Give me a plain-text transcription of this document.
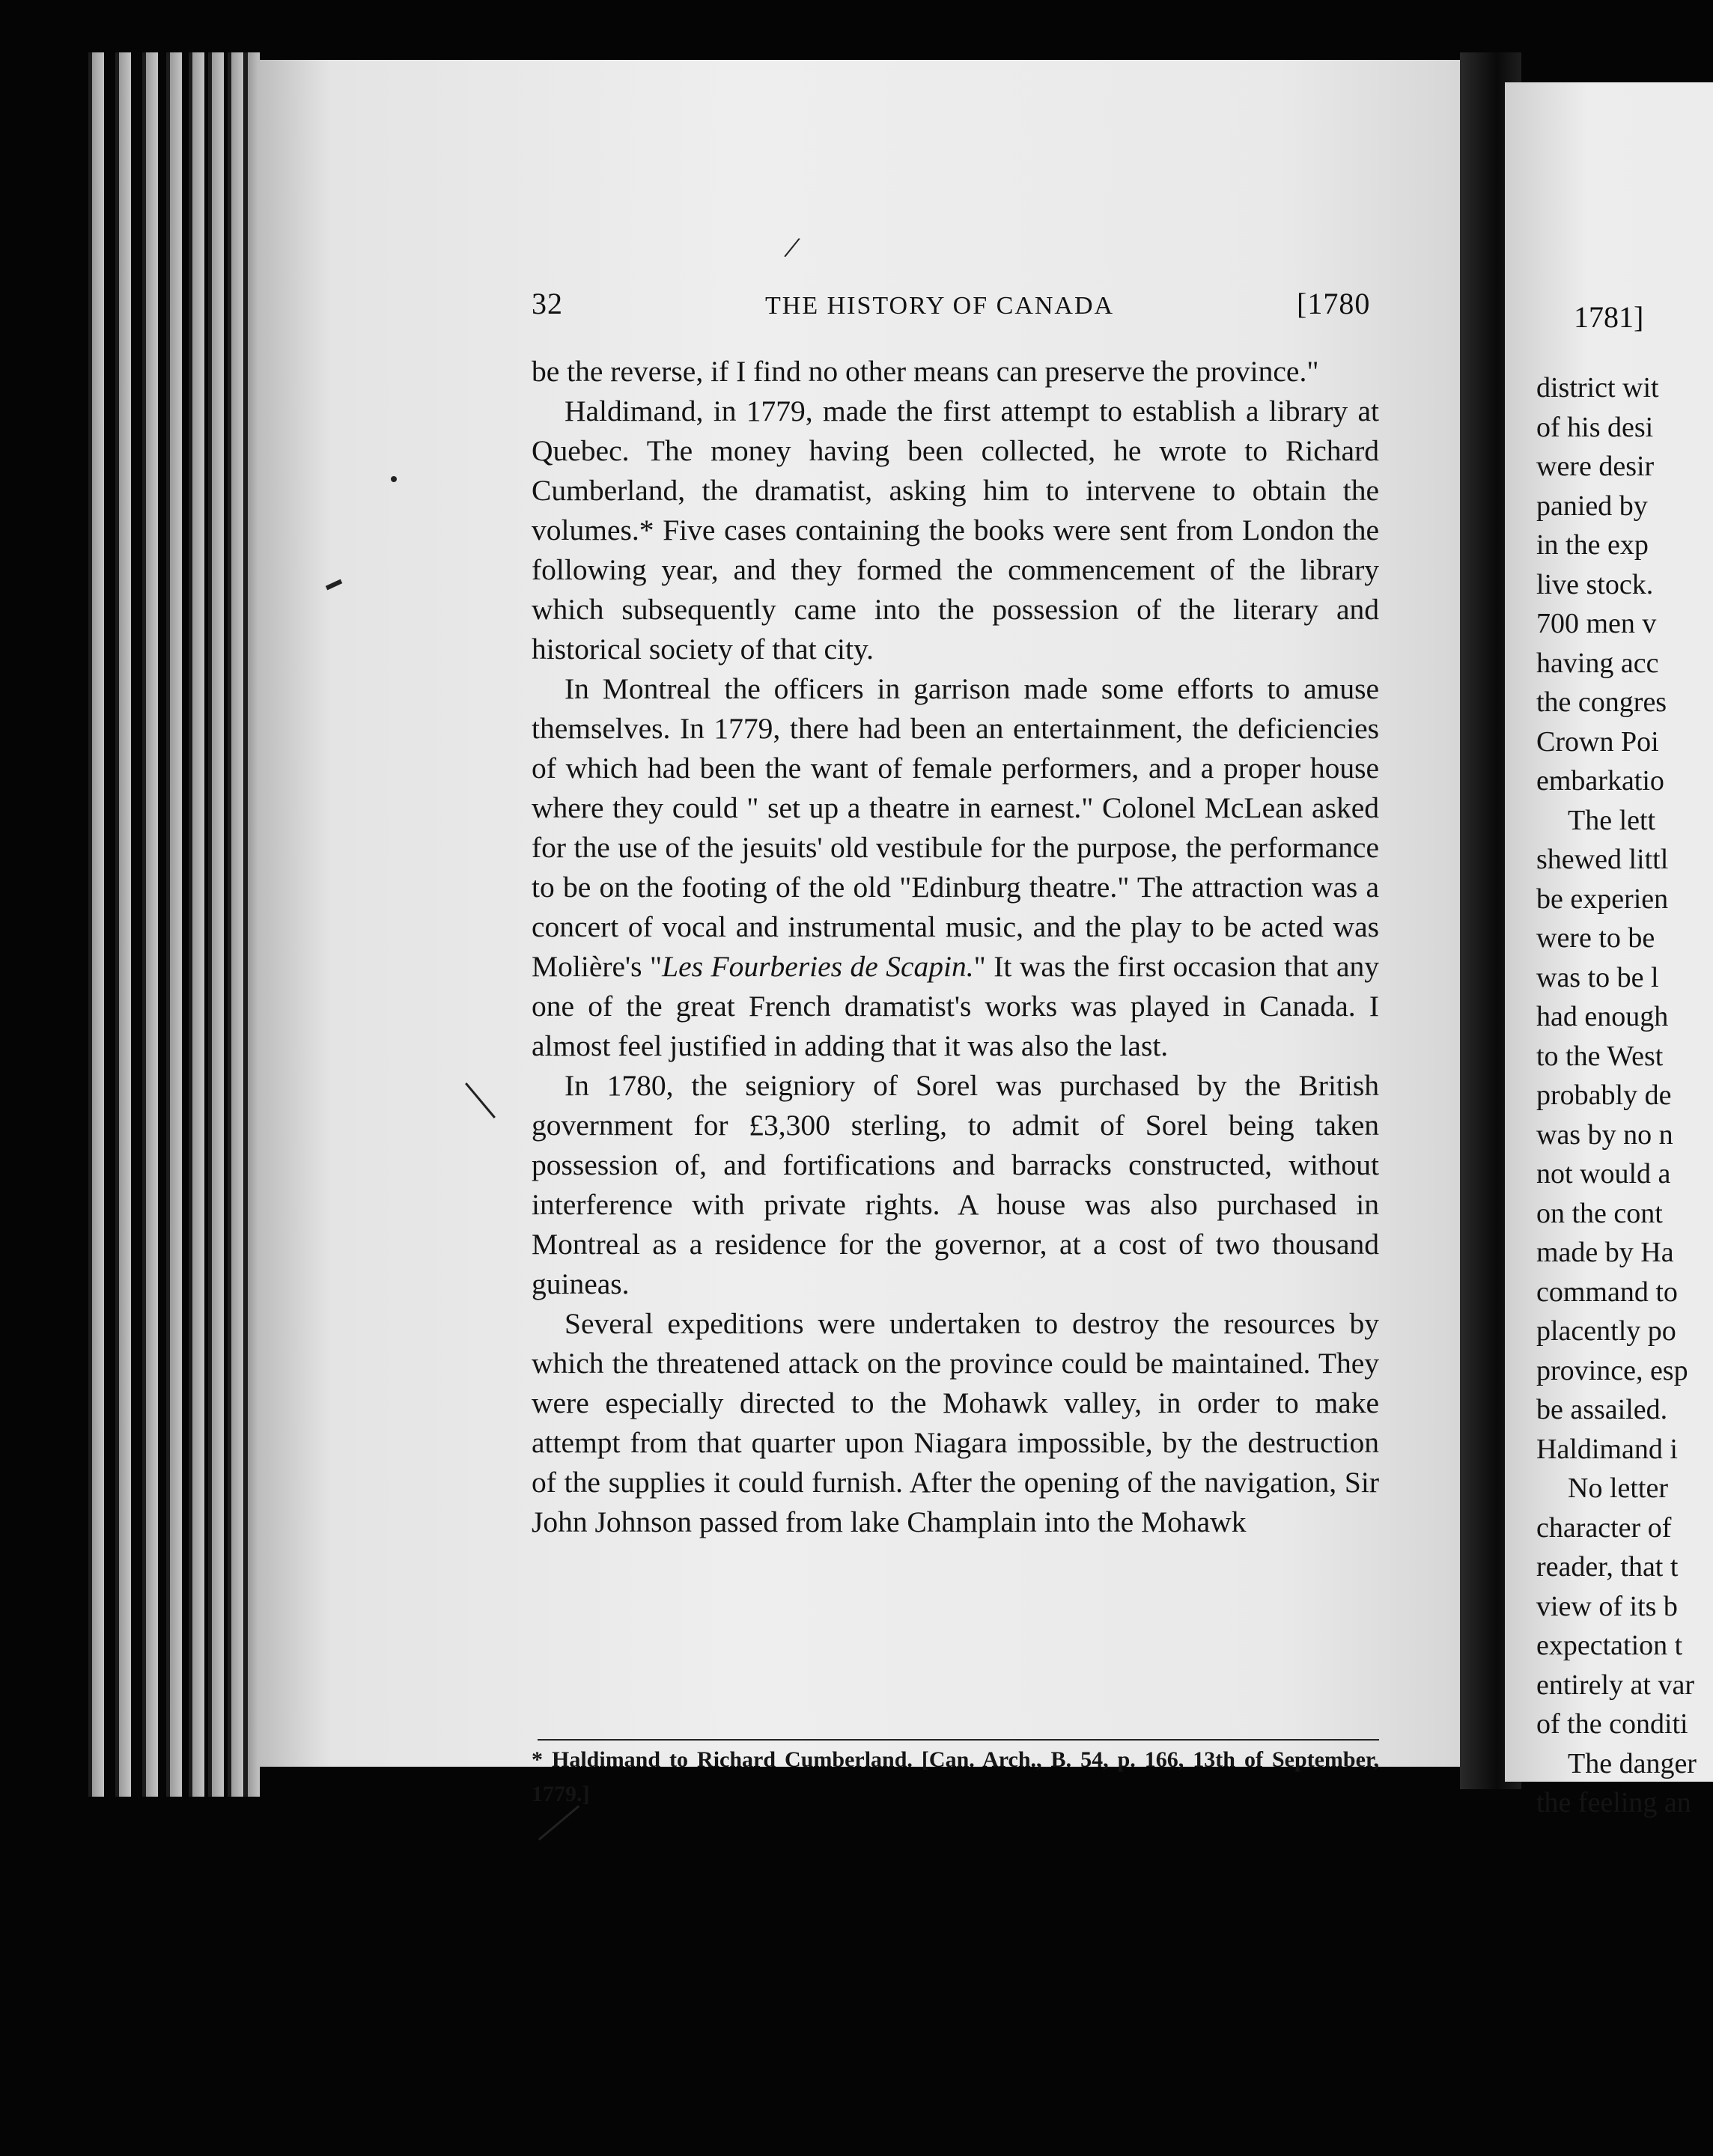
/
32	THE HISTORY OF CANADA	[1780

be the reverse, if I find no other means can preserve the province."

Haldimand, in 1779, made the first attempt to establish a library at Quebec. The money having been collected, he wrote to Richard Cumberland, the dramatist, asking him to intervene to obtain the volumes.* Five cases containing the books were sent from London the following year, and they formed the commencement of the library which subsequently came into the possession of the literary and historical society of that city.

In Montreal the officers in garrison made some efforts to amuse themselves. In 1779, there had been an entertainment, the deficiencies of which had been the want of female performers, and a proper house where they could " set up a theatre in earnest." Colonel McLean asked for the use of the jesuits' old vestibule for the purpose, the performance to be on the footing of the old "Edinburg theatre." The attraction was a concert of vocal and instrumental music, and the play to be acted was Molière's "Les Fourberies de Scapin." It was the first occasion that any one of the great French dramatist's works was played in Canada. I almost feel justified in adding that it was also the last.

In 1780, the seigniory of Sorel was purchased by the British government for £3,300 sterling, to admit of Sorel being taken possession of, and fortifications and barracks constructed, without interference with private rights. A house was also purchased in Montreal as a residence for the governor, at a cost of two thousand guineas.

Several expeditions were undertaken to destroy the resources by which the threatened attack on the province could be maintained. They were especially directed to the Mohawk valley, in order to make attempt from that quarter upon Niagara impossible, by the destruction of the supplies it could furnish. After the opening of the navigation, Sir John Johnson passed from lake Champlain into the Mohawk

* Haldimand to Richard Cumberland. [Can. Arch., B. 54, p. 166, 13th of September, 1779.]
1781]
district wit
of his desi
were desir
panied by
in the exp
live stock.
700 men v
having acc
the congres
Crown Poi
embarkatio
The lett
shewed littl
be experien
were to be
was to be l
had enough
to the West
probably de
was by no n
not would a
on the cont
made by Ha
command to
placently po
province, esp
be assailed.
Haldimand i
No letter
character of
reader, that t
view of its b
expectation t
entirely at var
of the conditi
The danger
the feeling an
